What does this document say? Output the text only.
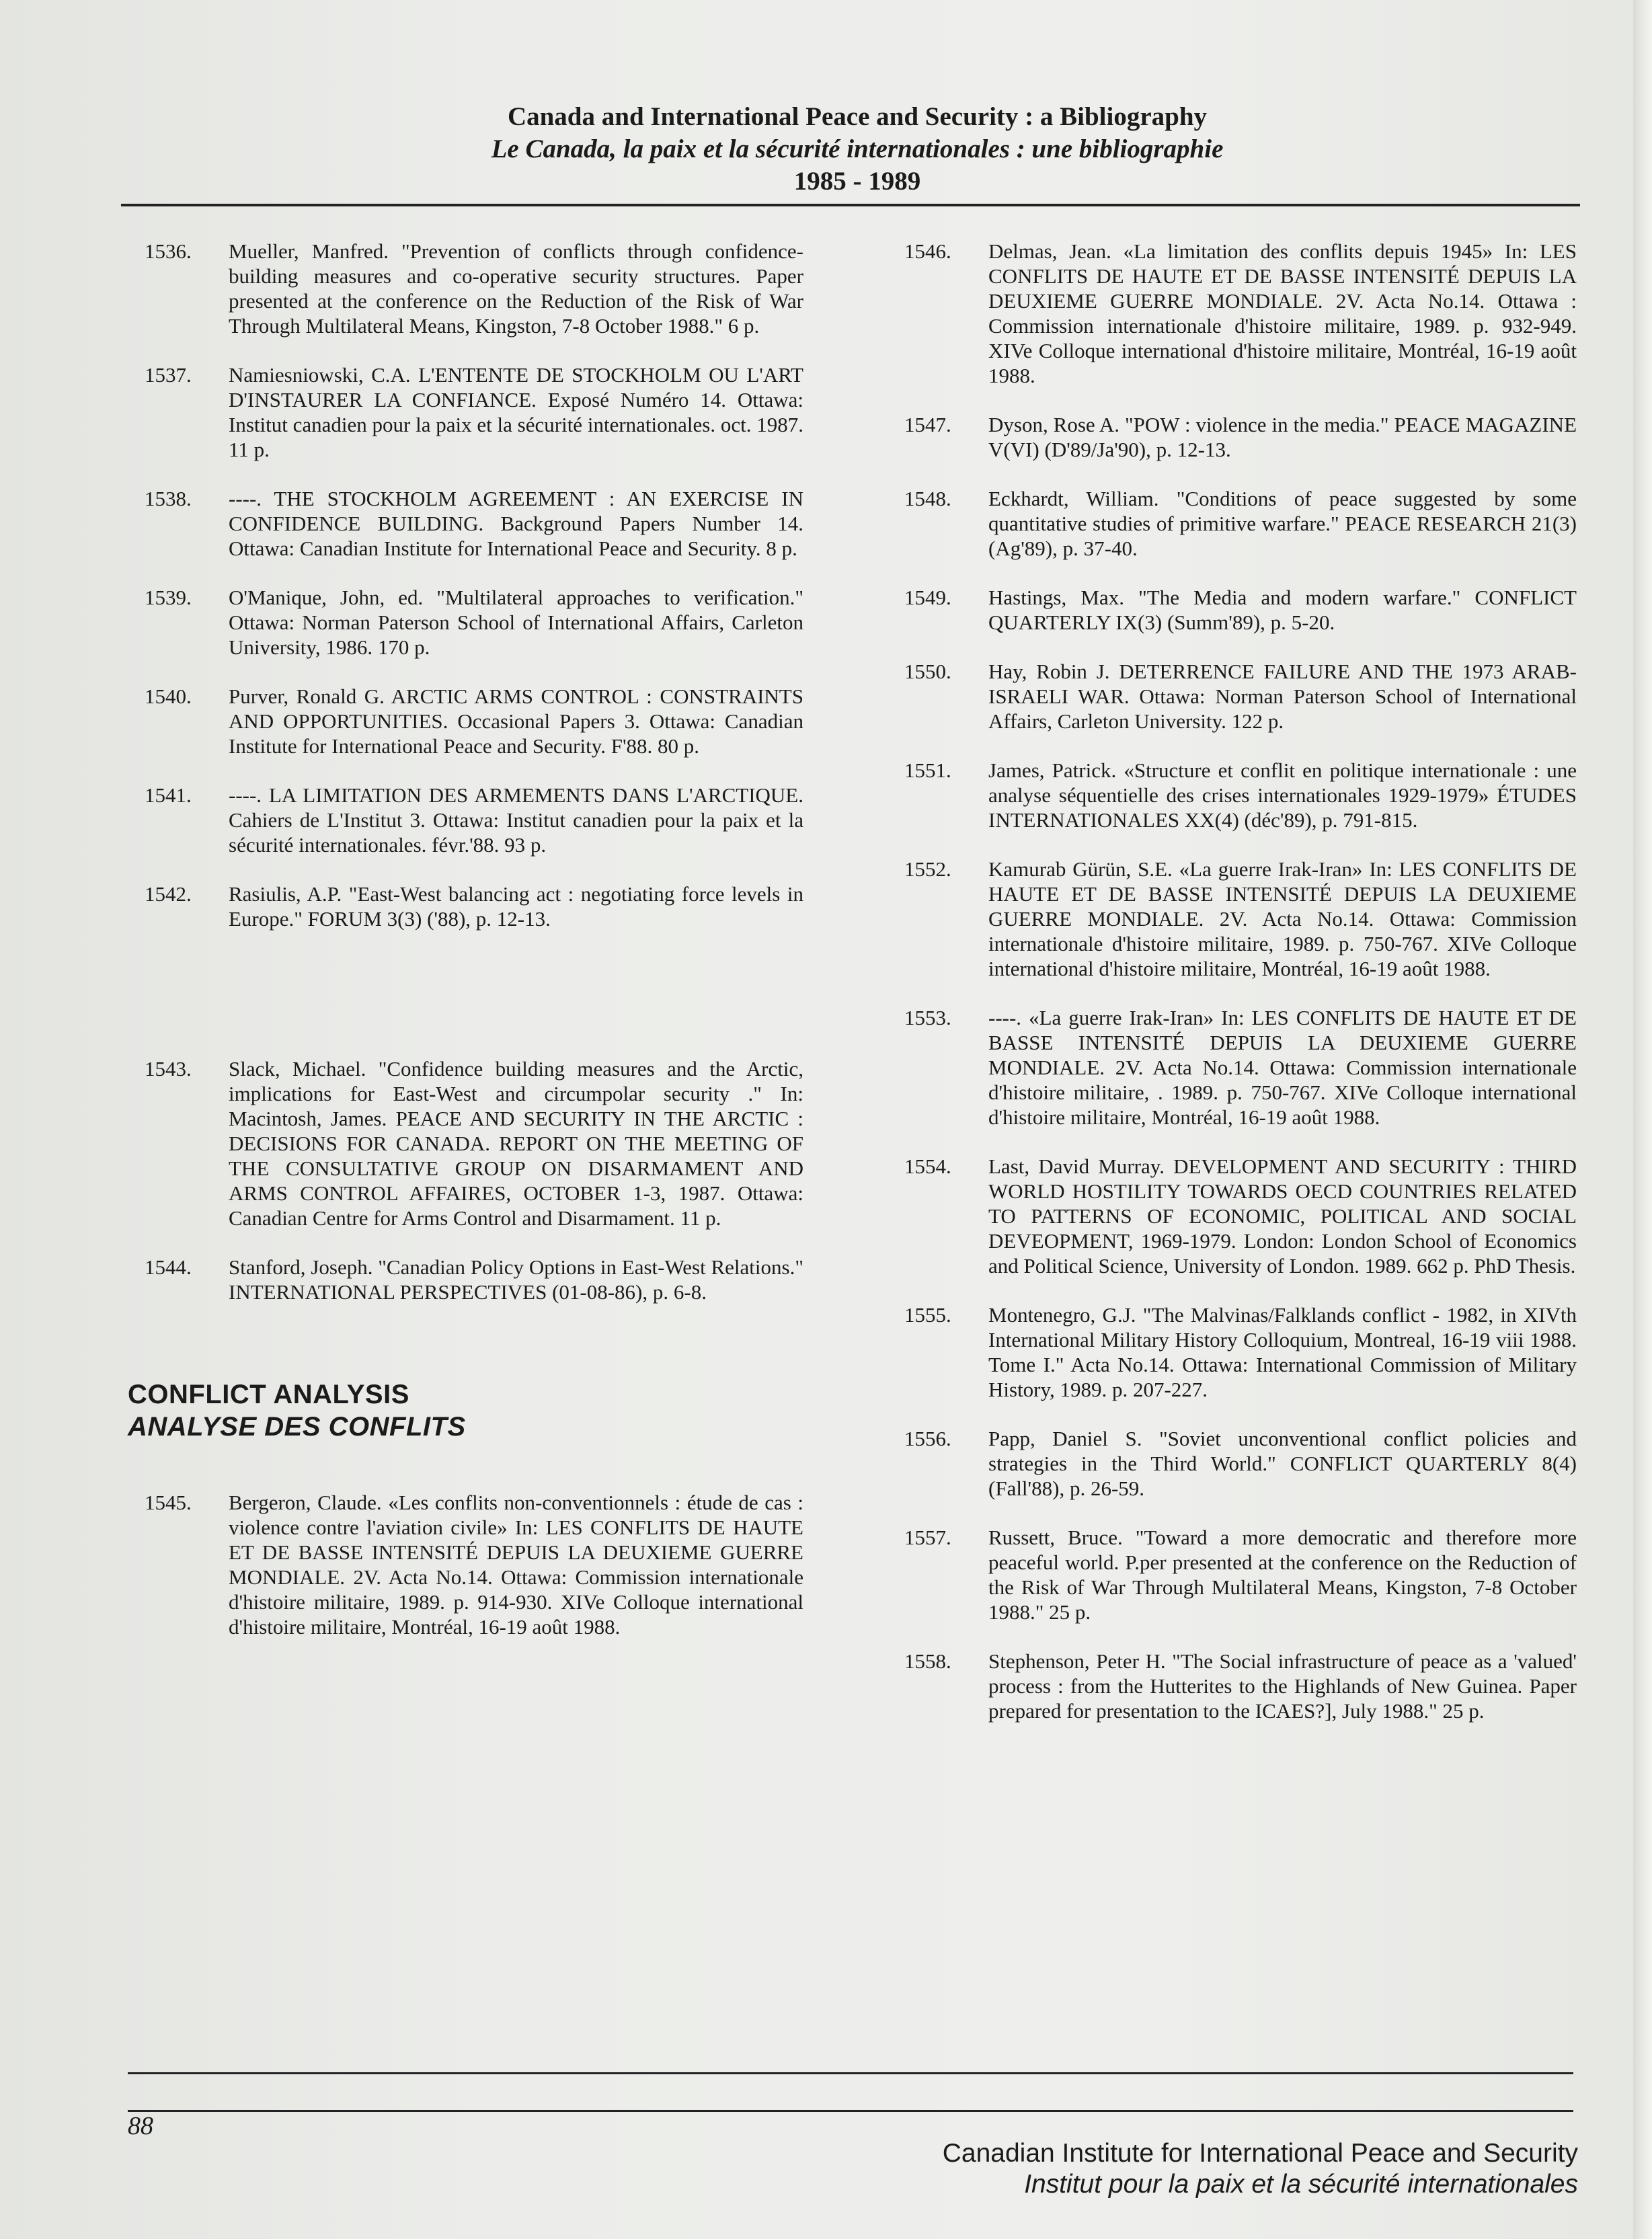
Canada and International Peace and Security : a Bibliography
Le Canada, la paix et la sécurité internationales : une bibliographie
1985 - 1989
1536.	Mueller, Manfred. "Prevention of conflicts through confidence-building measures and co-operative security structures. Paper presented at the conference on the Reduction of the Risk of War Through Multilateral Means, Kingston, 7-8 October 1988." 6 p.
1537.	Namiesniowski, C.A. L'ENTENTE DE STOCKHOLM OU L'ART D'INSTAURER LA CONFIANCE. Exposé Numéro 14. Ottawa: Institut canadien pour la paix et la sécurité internationales. oct. 1987. 11 p.
1538.	----. THE STOCKHOLM AGREEMENT : AN EXERCISE IN CONFIDENCE BUILDING. Background Papers Number 14. Ottawa: Canadian Institute for International Peace and Security. 8 p.
1539.	O'Manique, John, ed. "Multilateral approaches to verification." Ottawa: Norman Paterson School of International Affairs, Carleton University, 1986. 170 p.
1540.	Purver, Ronald G. ARCTIC ARMS CONTROL : CONSTRAINTS AND OPPORTUNITIES. Occasional Papers 3. Ottawa: Canadian Institute for International Peace and Security. F'88. 80 p.
1541.	----. LA LIMITATION DES ARMEMENTS DANS L'ARCTIQUE. Cahiers de L'Institut 3. Ottawa: Institut canadien pour la paix et la sécurité internationales. févr.'88. 93 p.
1542.	Rasiulis, A.P. "East-West balancing act : negotiating force levels in Europe." FORUM 3(3) ('88), p. 12-13.
1543.	Slack, Michael. "Confidence building measures and the Arctic, implications for East-West and circumpolar security ." In: Macintosh, James. PEACE AND SECURITY IN THE ARCTIC : DECISIONS FOR CANADA. REPORT ON THE MEETING OF THE CONSULTATIVE GROUP ON DISARMAMENT AND ARMS CONTROL AFFAIRES, OCTOBER 1-3, 1987. Ottawa: Canadian Centre for Arms Control and Disarmament. 11 p.
1544.	Stanford, Joseph. "Canadian Policy Options in East-West Relations." INTERNATIONAL PERSPECTIVES (01-08-86), p. 6-8.
CONFLICT ANALYSIS
ANALYSE DES CONFLITS
1545.	Bergeron, Claude. «Les conflits non-conventionnels : étude de cas : violence contre l'aviation civile» In: LES CONFLITS DE HAUTE ET DE BASSE INTENSITÉ DEPUIS LA DEUXIEME GUERRE MONDIALE. 2V. Acta No.14. Ottawa: Commission internationale d'histoire militaire, 1989. p. 914-930. XIVe Colloque international d'histoire militaire, Montréal, 16-19 août 1988.
1546.	Delmas, Jean. «La limitation des conflits depuis 1945» In: LES CONFLITS DE HAUTE ET DE BASSE INTENSITÉ DEPUIS LA DEUXIEME GUERRE MONDIALE. 2V. Acta No.14. Ottawa : Commission internationale d'histoire militaire, 1989. p. 932-949. XIVe Colloque international d'histoire militaire, Montréal, 16-19 août 1988.
1547.	Dyson, Rose A. "POW : violence in the media." PEACE MAGAZINE V(VI) (D'89/Ja'90), p. 12-13.
1548.	Eckhardt, William. "Conditions of peace suggested by some quantitative studies of primitive warfare." PEACE RESEARCH 21(3) (Ag'89), p. 37-40.
1549.	Hastings, Max. "The Media and modern warfare." CONFLICT QUARTERLY IX(3) (Summ'89), p. 5-20.
1550.	Hay, Robin J. DETERRENCE FAILURE AND THE 1973 ARAB-ISRAELI WAR. Ottawa: Norman Paterson School of International Affairs, Carleton University. 122 p.
1551.	James, Patrick. «Structure et conflit en politique internationale : une analyse séquentielle des crises internationales 1929-1979» ÉTUDES INTERNATIONALES XX(4) (déc'89), p. 791-815.
1552.	Kamurab Gürün, S.E. «La guerre Irak-Iran» In: LES CONFLITS DE HAUTE ET DE BASSE INTENSITÉ DEPUIS LA DEUXIEME GUERRE MONDIALE. 2V. Acta No.14. Ottawa: Commission internationale d'histoire militaire, 1989. p. 750-767. XIVe Colloque international d'histoire militaire, Montréal, 16-19 août 1988.
1553.	----. «La guerre Irak-Iran» In: LES CONFLITS DE HAUTE ET DE BASSE INTENSITÉ DEPUIS LA DEUXIEME GUERRE MONDIALE. 2V. Acta No.14. Ottawa: Commission internationale d'histoire militaire, . 1989. p. 750-767. XIVe Colloque international d'histoire militaire, Montréal, 16-19 août 1988.
1554.	Last, David Murray. DEVELOPMENT AND SECURITY : THIRD WORLD HOSTILITY TOWARDS OECD COUNTRIES RELATED TO PATTERNS OF ECONOMIC, POLITICAL AND SOCIAL DEVEOPMENT, 1969-1979. London: London School of Economics and Political Science, University of London. 1989. 662 p. PhD Thesis.
1555.	Montenegro, G.J. "The Malvinas/Falklands conflict - 1982, in XIVth International Military History Colloquium, Montreal, 16-19 viii 1988. Tome I." Acta No.14. Ottawa: International Commission of Military History, 1989. p. 207-227.
1556.	Papp, Daniel S. "Soviet unconventional conflict policies and strategies in the Third World." CONFLICT QUARTERLY 8(4) (Fall'88), p. 26-59.
1557.	Russett, Bruce. "Toward a more democratic and therefore more peaceful world. P.per presented at the conference on the Reduction of the Risk of War Through Multilateral Means, Kingston, 7-8 October 1988." 25 p.
1558.	Stephenson, Peter H. "The Social infrastructure of peace as a 'valued' process : from the Hutterites to the Highlands of New Guinea. Paper prepared for presentation to the ICAES?], July 1988." 25 p.
88
Canadian Institute for International Peace and Security
Institut pour la paix et la sécurité internationales
